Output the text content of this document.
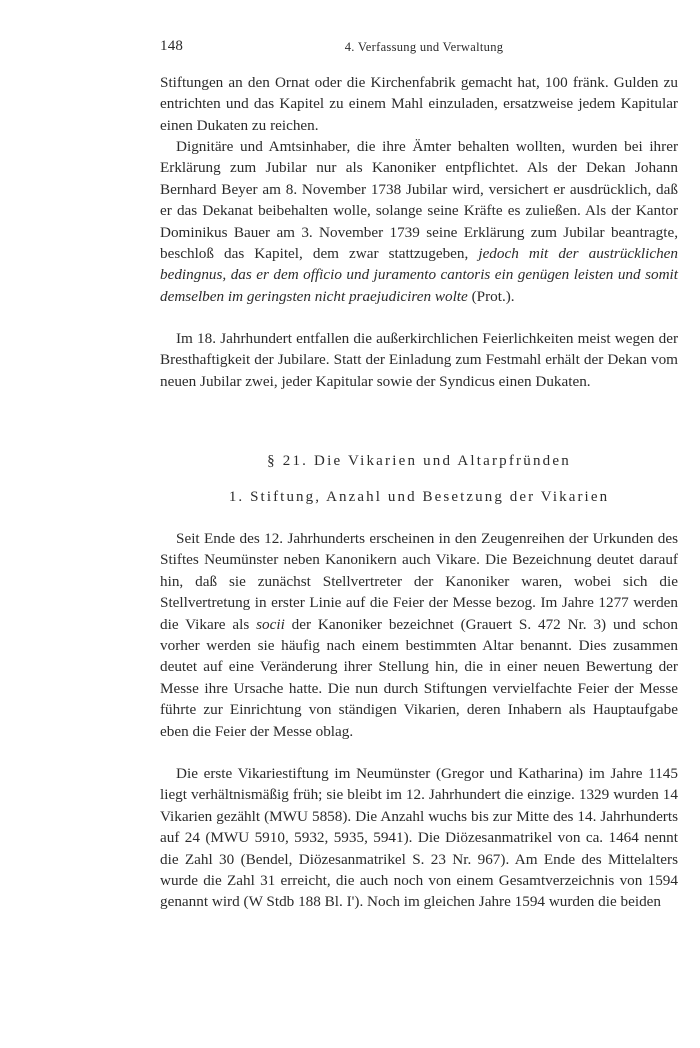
148	4. Verfassung und Verwaltung

Stiftungen an den Ornat oder die Kirchenfabrik gemacht hat, 100 fränk. Gulden zu entrichten und das Kapitel zu einem Mahl einzuladen, ersatzweise jedem Kapitular einen Dukaten zu reichen.

Dignitäre und Amtsinhaber, die ihre Ämter behalten wollten, wurden bei ihrer Erklärung zum Jubilar nur als Kanoniker entpflichtet. Als der Dekan Johann Bernhard Beyer am 8. November 1738 Jubilar wird, versichert er ausdrücklich, daß er das Dekanat beibehalten wolle, solange seine Kräfte es zuließen. Als der Kantor Dominikus Bauer am 3. November 1739 seine Erklärung zum Jubilar beantragte, beschloß das Kapitel, dem zwar stattzugeben, jedoch mit der austrücklichen bedingnus, das er dem officio und juramento cantoris ein genügen leisten und somit demselben im geringsten nicht praejudiciren wolte (Prot.).

Im 18. Jahrhundert entfallen die außerkirchlichen Feierlichkeiten meist wegen der Bresthaftigkeit der Jubilare. Statt der Einladung zum Festmahl erhält der Dekan vom neuen Jubilar zwei, jeder Kapitular sowie der Syndicus einen Dukaten.

§ 21. Die Vikarien und Altarpfründen
1. Stiftung, Anzahl und Besetzung der Vikarien

Seit Ende des 12. Jahrhunderts erscheinen in den Zeugenreihen der Urkunden des Stiftes Neumünster neben Kanonikern auch Vikare. Die Bezeichnung deutet darauf hin, daß sie zunächst Stellvertreter der Kanoniker waren, wobei sich die Stellvertretung in erster Linie auf die Feier der Messe bezog. Im Jahre 1277 werden die Vikare als socii der Kanoniker bezeichnet (Grauert S. 472 Nr. 3) und schon vorher werden sie häufig nach einem bestimmten Altar benannt. Dies zusammen deutet auf eine Veränderung ihrer Stellung hin, die in einer neuen Bewertung der Messe ihre Ursache hatte. Die nun durch Stiftungen vervielfachte Feier der Messe führte zur Einrichtung von ständigen Vikarien, deren Inhabern als Hauptaufgabe eben die Feier der Messe oblag.

Die erste Vikariestiftung im Neumünster (Gregor und Katharina) im Jahre 1145 liegt verhältnismäßig früh; sie bleibt im 12. Jahrhundert die einzige. 1329 wurden 14 Vikarien gezählt (MWU 5858). Die Anzahl wuchs bis zur Mitte des 14. Jahrhunderts auf 24 (MWU 5910, 5932, 5935, 5941). Die Diözesanmatrikel von ca. 1464 nennt die Zahl 30 (Bendel, Diözesanmatrikel S. 23 Nr. 967). Am Ende des Mittelalters wurde die Zahl 31 erreicht, die auch noch von einem Gesamtverzeichnis von 1594 genannt wird (W Stdb 188 Bl. I'). Noch im gleichen Jahre 1594 wurden die beiden
